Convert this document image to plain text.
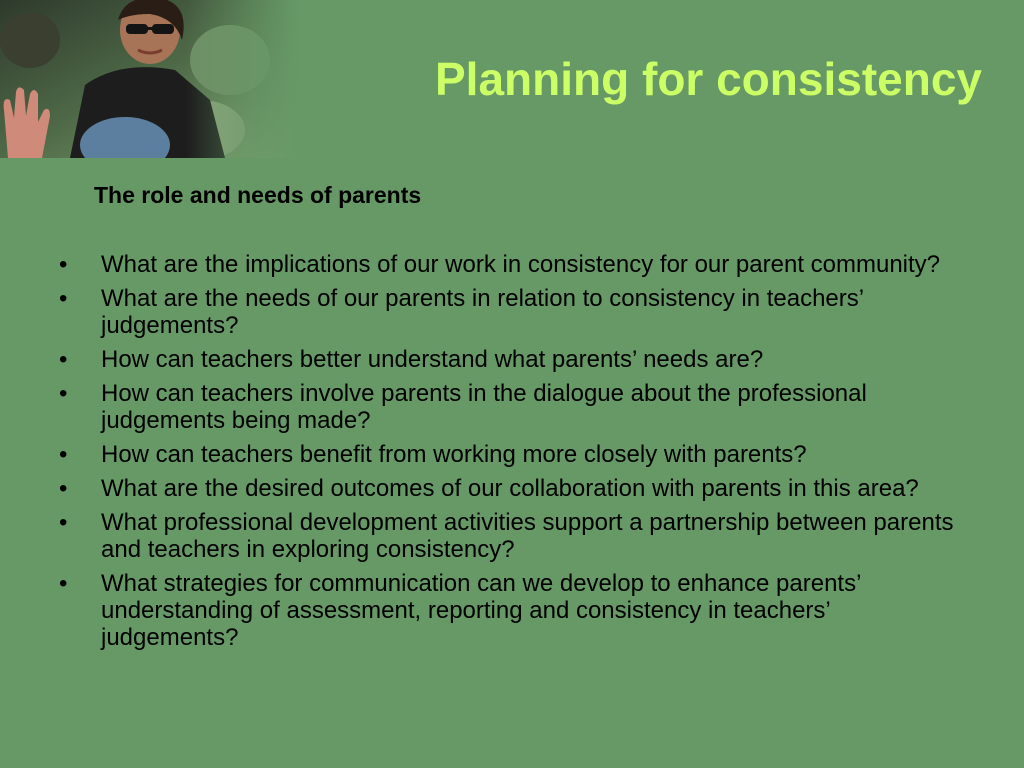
Planning for consistency
The role and needs of parents
• What are the implications of our work in consistency for our parent community?
• What are the needs of our parents in relation to consistency in teachers’ judgements?
• How can teachers better understand what parents’ needs are?
• How can teachers involve parents in the dialogue about the professional judgements being made?
• How can teachers benefit from working more closely with parents?
• What are the desired outcomes of our collaboration with parents in this area?
• What professional development activities support a partnership between parents and teachers in exploring consistency?
• What strategies for communication can we develop to enhance parents’ understanding of assessment, reporting and consistency in teachers’ judgements?
